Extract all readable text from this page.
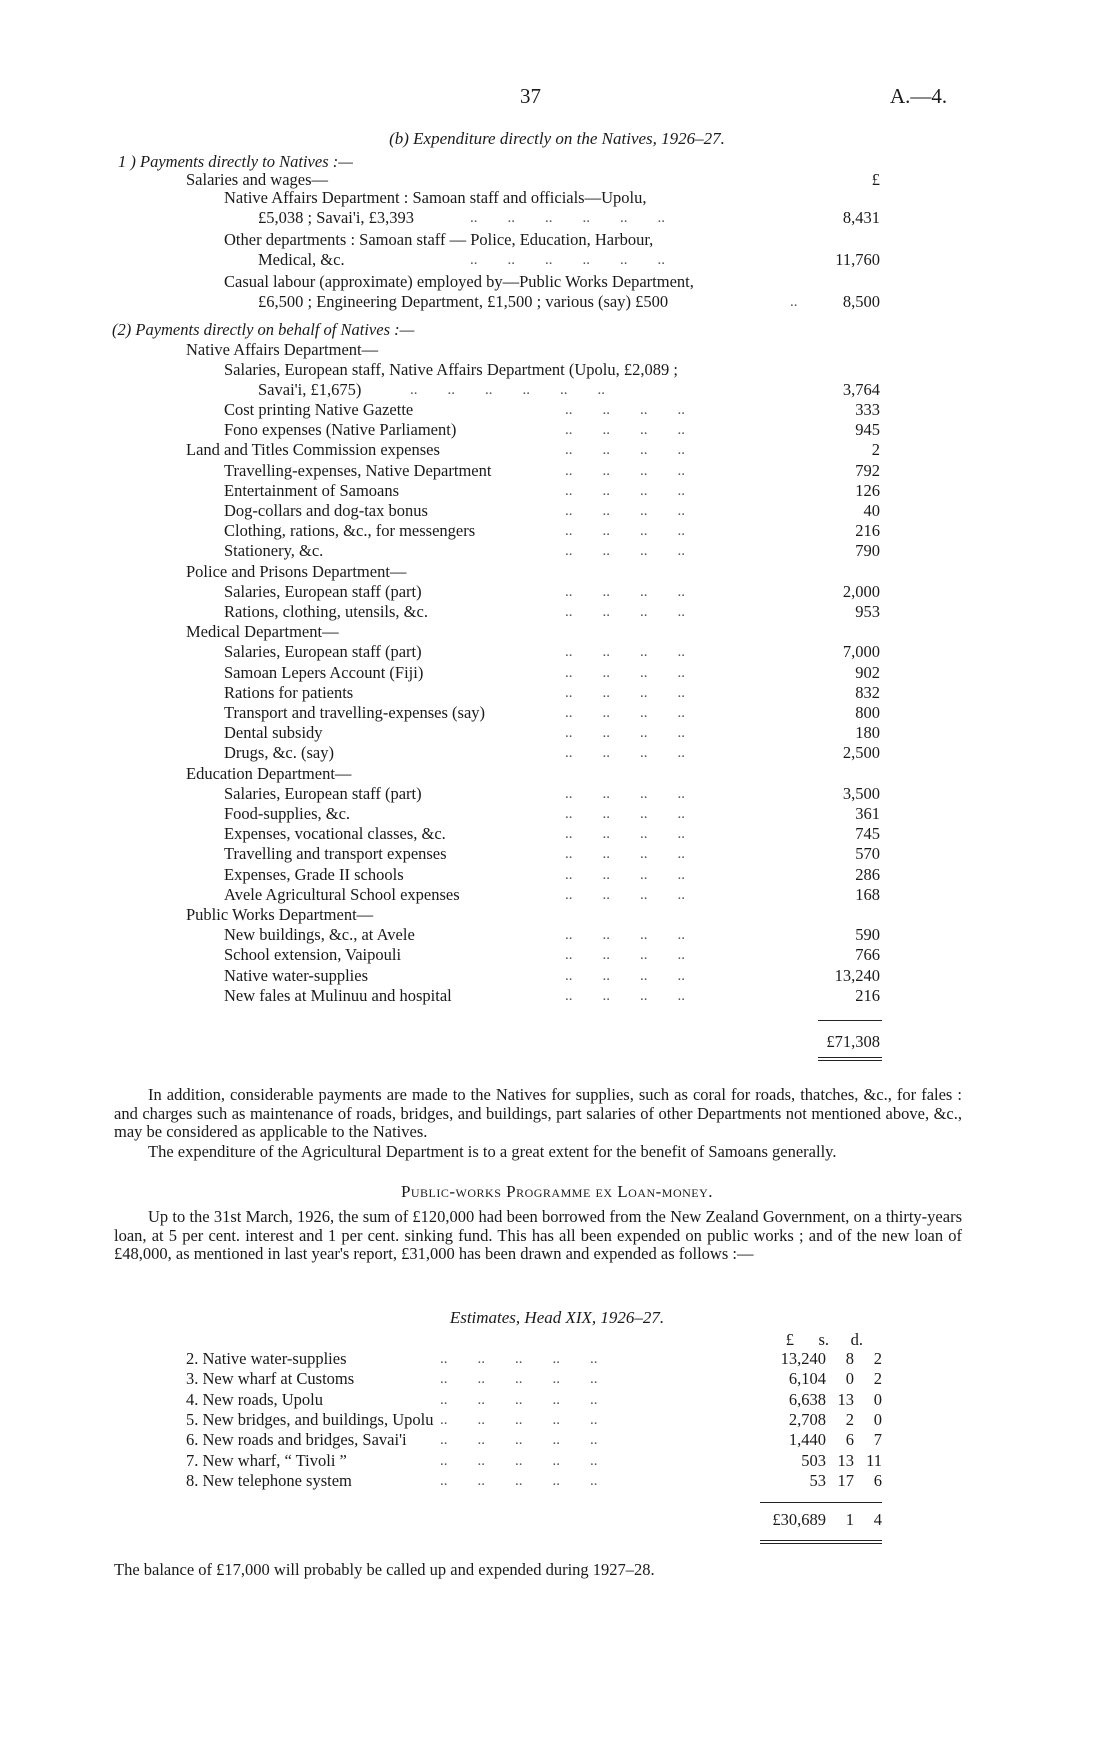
37	A.—4.
(b) Expenditure directly on the Natives, 1926–27.
1 ) Payments directly to Natives :—
Salaries and wages—	£
Native Affairs Department : Samoan staff and officials—Upolu,
£5,038 ; Savai'i, £3,393	..        ..        ..        ..        ..        ..	8,431
Other departments : Samoan staff — Police, Education, Harbour,
Medical, &c.	..        ..        ..        ..        ..        ..	11,760
Casual labour (approximate) employed by—Public Works Department,
£6,500 ; Engineering Department, £1,500 ; various (say) £500	..	8,500
(2) Payments directly on behalf of Natives :—
Native Affairs Department—
Salaries, European staff, Native Affairs Department (Upolu, £2,089 ;
Savai'i, £1,675)	..        ..        ..        ..        ..        ..	3,764
Cost printing Native Gazette	..        ..        ..        ..	333
Fono expenses (Native Parliament)	..        ..        ..        ..	945
Land and Titles Commission expenses	..        ..        ..        ..	2
Travelling-expenses, Native Department	..        ..        ..        ..	792
Entertainment of Samoans	..        ..        ..        ..	126
Dog-collars and dog-tax bonus	..        ..        ..        ..	40
Clothing, rations, &c., for messengers	..        ..        ..        ..	216
Stationery, &c.	..        ..        ..        ..	790
Police and Prisons Department—
Salaries, European staff (part)	..        ..        ..        ..	2,000
Rations, clothing, utensils, &c.	..        ..        ..        ..	953
Medical Department—
Salaries, European staff (part)	..        ..        ..        ..	7,000
Samoan Lepers Account (Fiji)	..        ..        ..        ..	902
Rations for patients	..        ..        ..        ..	832
Transport and travelling-expenses (say)	..        ..        ..        ..	800
Dental subsidy	..        ..        ..        ..	180
Drugs, &c. (say)	..        ..        ..        ..	2,500
Education Department—
Salaries, European staff (part)	..        ..        ..        ..	3,500
Food-supplies, &c.	..        ..        ..        ..	361
Expenses, vocational classes, &c.	..        ..        ..        ..	745
Travelling and transport expenses	..        ..        ..        ..	570
Expenses, Grade II schools	..        ..        ..        ..	286
Avele Agricultural School expenses	..        ..        ..        ..	168
Public Works Department—
New buildings, &c., at Avele	..        ..        ..        ..	590
School extension, Vaipouli	..        ..        ..        ..	766
Native water-supplies	..        ..        ..        ..	13,240
New fales at Mulinuu and hospital	..        ..        ..        ..	216
£71,308
In addition, considerable payments are made to the Natives for supplies, such as coral for roads, thatches, &c., for fales : and charges such as maintenance of roads, bridges, and buildings, part salaries of other Departments not mentioned above, &c., may be considered as applicable to the Natives.
The expenditure of the Agricultural Department is to a great extent for the benefit of Samoans generally.
Public-works Programme ex Loan-money.
Up to the 31st March, 1926, the sum of £120,000 had been borrowed from the New Zealand Government, on a thirty-years loan, at 5 per cent. interest and 1 per cent. sinking fund. This has all been expended on public works ; and of the new loan of £48,000, as mentioned in last year's report, £31,000 has been drawn and expended as follows :—
Estimates, Head XIX, 1926–27.
£	s.	d.
2. Native water-supplies	..        ..        ..        ..        ..	13,240	8	2
3. New wharf at Customs	..        ..        ..        ..        ..	6,104	0	2
4. New roads, Upolu	..        ..        ..        ..        ..	6,638 13	0
5. New bridges, and buildings, Upolu ..        ..        ..        ..        ..	2,708	2	0
6. New roads and bridges, Savai'i ..        ..        ..        ..        ..	1,440	6	7
7. New wharf, “ Tivoli ”	..        ..        ..        ..        ..	503 13 11
8. New telephone system	..        ..        ..        ..        ..	53 17	6
£30,689	1	4
The balance of £17,000 will probably be called up and expended during 1927–28.
